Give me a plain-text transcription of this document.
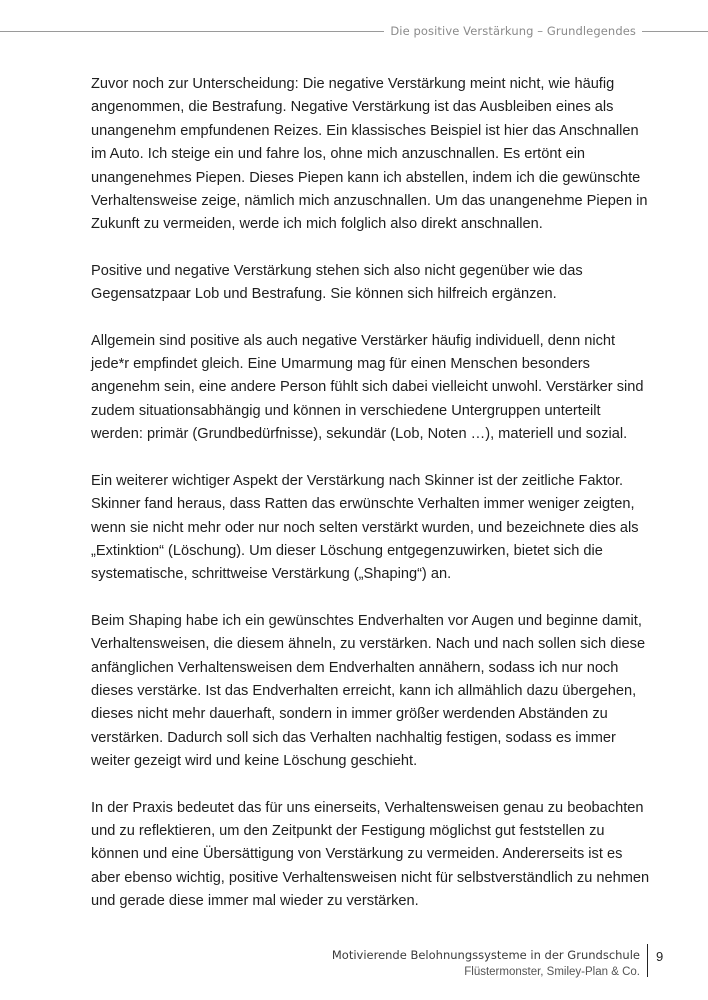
Die positive Verstärkung – Grundlegendes

Zuvor noch zur Unterscheidung: Die negative Verstärkung meint nicht, wie häufig angenommen, die Bestrafung. Negative Verstärkung ist das Ausbleiben eines als unangenehm empfundenen Reizes. Ein klassisches Beispiel ist hier das Anschnallen im Auto. Ich steige ein und fahre los, ohne mich anzuschnallen. Es ertönt ein unangenehmes Piepen. Dieses Piepen kann ich abstellen, indem ich die gewünschte Verhaltensweise zeige, nämlich mich anzuschnallen. Um das unangenehme Piepen in Zukunft zu vermeiden, werde ich mich folglich also direkt anschnallen.

Positive und negative Verstärkung stehen sich also nicht gegenüber wie das Gegensatzpaar Lob und Bestrafung. Sie können sich hilfreich ergänzen.

Allgemein sind positive als auch negative Verstärker häufig individuell, denn nicht jede*r empfindet gleich. Eine Umarmung mag für einen Menschen besonders angenehm sein, eine andere Person fühlt sich dabei vielleicht unwohl. Verstärker sind zudem situationsabhängig und können in verschiedene Untergruppen unterteilt werden: primär (Grundbedürfnisse), sekundär (Lob, Noten …), materiell und sozial.

Ein weiterer wichtiger Aspekt der Verstärkung nach Skinner ist der zeitliche Faktor. Skinner fand heraus, dass Ratten das erwünschte Verhalten immer weniger zeigten, wenn sie nicht mehr oder nur noch selten verstärkt wurden, und bezeichnete dies als „Extinktion“ (Löschung). Um dieser Löschung entgegenzuwirken, bietet sich die systematische, schrittweise Verstärkung („Shaping“) an.

Beim Shaping habe ich ein gewünschtes Endverhalten vor Augen und beginne damit, Verhaltensweisen, die diesem ähneln, zu verstärken. Nach und nach sollen sich diese anfänglichen Verhaltensweisen dem Endverhalten annähern, sodass ich nur noch dieses verstärke. Ist das Endverhalten erreicht, kann ich allmählich dazu übergehen, dieses nicht mehr dauerhaft, sondern in immer größer werdenden Abständen zu verstärken. Dadurch soll sich das Verhalten nachhaltig festigen, sodass es immer weiter gezeigt wird und keine Löschung geschieht.

In der Praxis bedeutet das für uns einerseits, Verhaltensweisen genau zu beobachten und zu reflektieren, um den Zeitpunkt der Festigung möglichst gut feststellen zu können und eine Übersättigung von Verstärkung zu vermeiden. Andererseits ist es aber ebenso wichtig, positive Verhaltensweisen nicht für selbstverständlich zu nehmen und gerade diese immer mal wieder zu verstärken.

Motivierende Belohnungssysteme in der Grundschule
Flüstermonster, Smiley-Plan & Co.
9
